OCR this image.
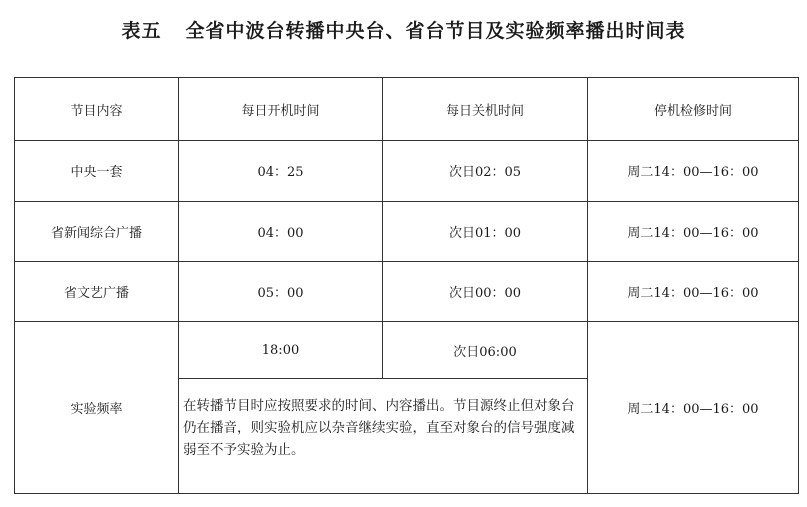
表五 全省中波台转播中央台、省台节目及实验频率播出时间表
节目内容	每日开机时间	每日关机时间	停机检修时间
中央一套	04：25	次日02：05	周二14：00—16：00
省新闻综合广播	04：00	次日01：00	周二14：00—16：00
省文艺广播	05：00	次日00：00	周二14：00—16：00
实验频率	18:00	次日06:00	周二14：00—16：00
	在转播节目时应按照要求的时间、内容播出。节目源终止但对象台仍在播音，则实验机应以杂音继续实验，直至对象台的信号强度减弱至不予实验为止。		
